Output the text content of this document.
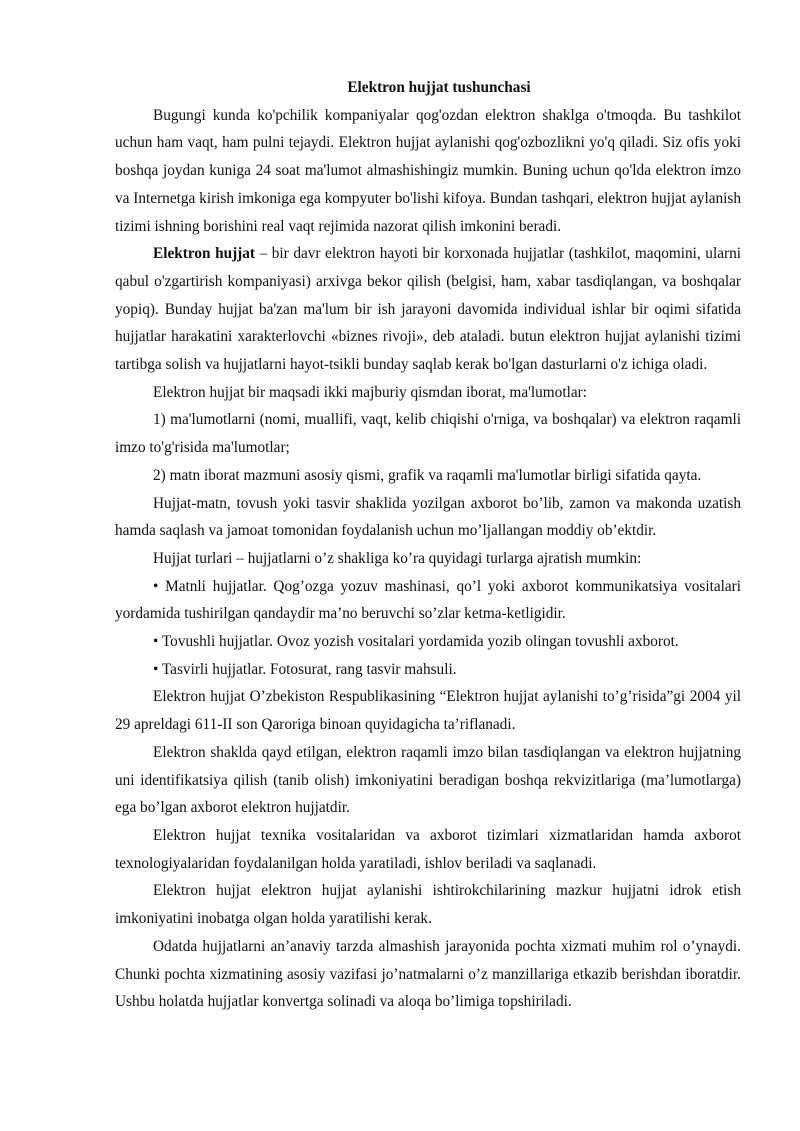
Elektron hujjat tushunchasi

Bugungi kunda ko'pchilik kompaniyalar qog'ozdan elektron shaklga o'tmoqda. Bu tashkilot uchun ham vaqt, ham pulni tejaydi. Elektron hujjat aylanishi qog'ozbozlikni yo'q qiladi. Siz ofis yoki boshqa joydan kuniga 24 soat ma'lumot almashishingiz mumkin. Buning uchun qo'lda elektron imzo va Internetga kirish imkoniga ega kompyuter bo'lishi kifoya. Bundan tashqari, elektron hujjat aylanish tizimi ishning borishini real vaqt rejimida nazorat qilish imkonini beradi.

Elektron hujjat – bir davr elektron hayoti bir korxonada hujjatlar (tashkilot, maqomini, ularni qabul o'zgartirish kompaniyasi) arxivga bekor qilish (belgisi, ham, xabar tasdiqlangan, va boshqalar yopiq). Bunday hujjat ba'zan ma'lum bir ish jarayoni davomida individual ishlar bir oqimi sifatida hujjatlar harakatini xarakterlovchi «biznes rivoji», deb ataladi. butun elektron hujjat aylanishi tizimi tartibga solish va hujjatlarni hayot-tsikli bunday saqlab kerak bo'lgan dasturlarni o'z ichiga oladi.

Elektron hujjat bir maqsadi ikki majburiy qismdan iborat, ma'lumotlar:

1) ma'lumotlarni (nomi, muallifi, vaqt, kelib chiqishi o'rniga, va boshqalar) va elektron raqamli imzo to'g'risida ma'lumotlar;

2) matn iborat mazmuni asosiy qismi, grafik va raqamli ma'lumotlar birligi sifatida qayta.

Hujjat-matn, tovush yoki tasvir shaklida yozilgan axborot bo’lib, zamon va makonda uzatish hamda saqlash va jamoat tomonidan foydalanish uchun mo’ljallangan moddiy ob’ektdir.

Hujjat turlari – hujjatlarni o’z shakliga ko’ra quyidagi turlarga ajratish mumkin:

• Matnli hujjatlar. Qog’ozga yozuv mashinasi, qo’l yoki axborot kommunikatsiya vositalari yordamida tushirilgan qandaydir ma’no beruvchi so’zlar ketma-ketligidir.

• Tovushli hujjatlar. Ovoz yozish vositalari yordamida yozib olingan tovushli axborot.

• Tasvirli hujjatlar. Fotosurat, rang tasvir mahsuli.

Elektron hujjat O’zbekiston Respublikasining “Elektron hujjat aylanishi to’g’risida”gi 2004 yil 29 apreldagi 611-II son Qaroriga binoan quyidagicha ta’riflanadi.

Elektron shaklda qayd etilgan, elektron raqamli imzo bilan tasdiqlangan va elektron hujjatning uni identifikatsiya qilish (tanib olish) imkoniyatini beradigan boshqa rekvizitlariga (ma’lumotlarga) ega bo’lgan axborot elektron hujjatdir.

Elektron hujjat texnika vositalaridan va axborot tizimlari xizmatlaridan hamda axborot texnologiyalaridan foydalanilgan holda yaratiladi, ishlov beriladi va saqlanadi.

Elektron hujjat elektron hujjat aylanishi ishtirokchilarining mazkur hujjatni idrok etish imkoniyatini inobatga olgan holda yaratilishi kerak.

Odatda hujjatlarni an’anaviy tarzda almashish jarayonida pochta xizmati muhim rol o’ynaydi. Chunki pochta xizmatining asosiy vazifasi jo’natmalarni o’z manzillariga etkazib berishdan iboratdir. Ushbu holatda hujjatlar konvertga solinadi va aloqa bo’limiga topshiriladi.
